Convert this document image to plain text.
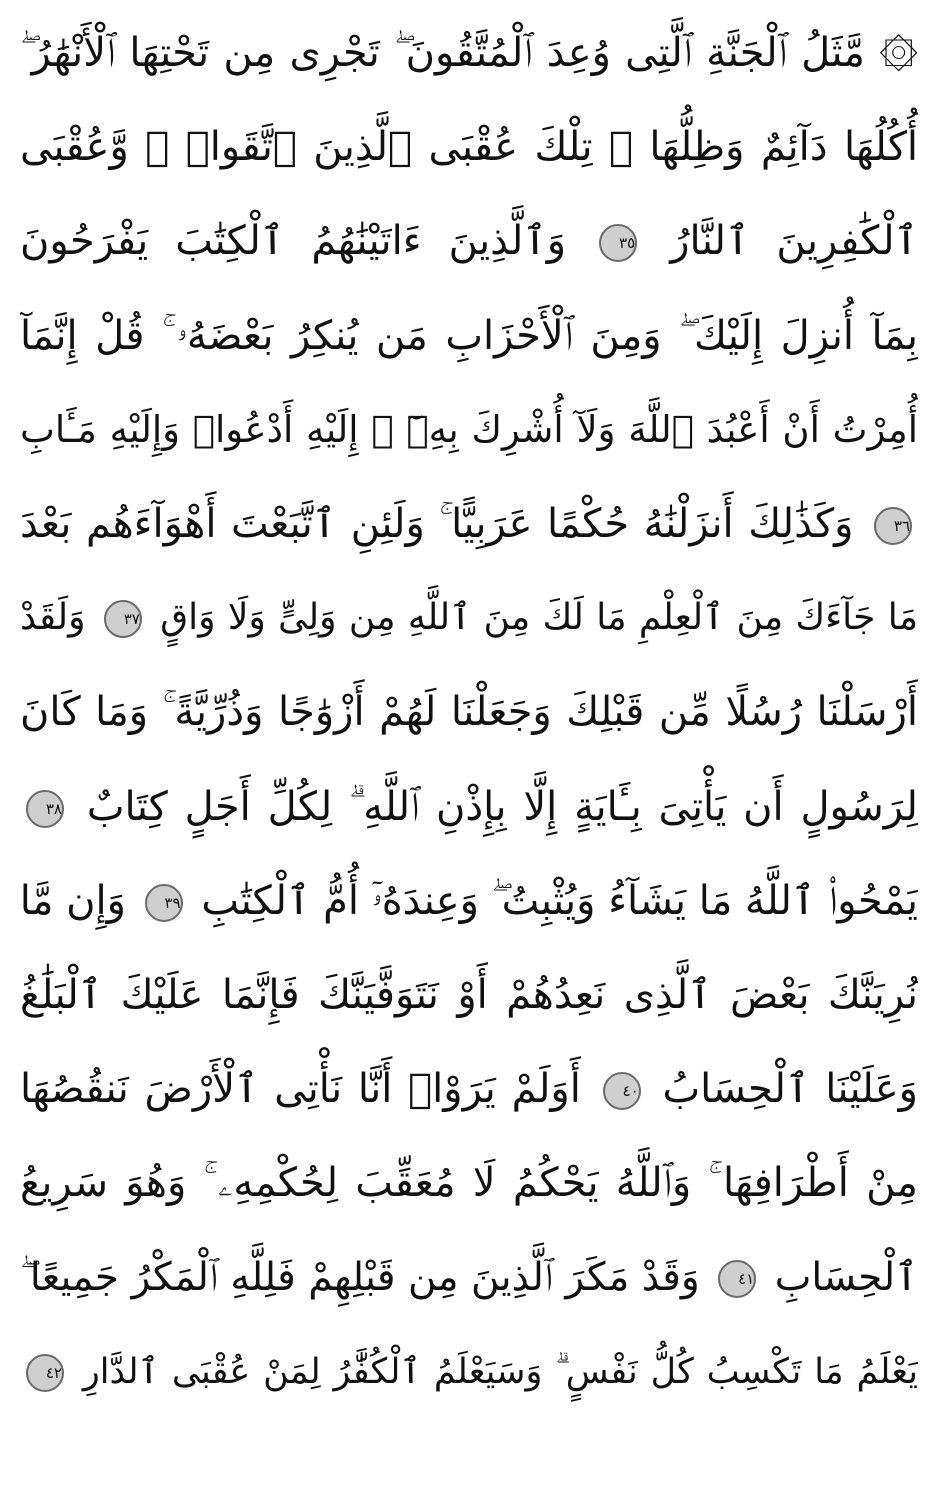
۞ مَّثَلُ ٱلْجَنَّةِ ٱلَّتِى وُعِدَ ٱلْمُتَّقُونَ ۖ تَجْرِى مِن تَحْتِهَا ٱلْأَنْهَٰرُ ۖ
أُكُلُهَا دَآئِمٌ وَظِلُّهَا ۚ تِلْكَ عُقْبَى ٱلَّذِينَ ٱتَّقَوا۟ ۖ وَّعُقْبَى
ٱلْكَٰفِرِينَ ٱلنَّارُ ٣٥ وَٱلَّذِينَ ءَاتَيْنَٰهُمُ ٱلْكِتَٰبَ يَفْرَحُونَ
بِمَآ أُنزِلَ إِلَيْكَ ۖ وَمِنَ ٱلْأَحْزَابِ مَن يُنكِرُ بَعْضَهُۥ ۚ قُلْ إِنَّمَآ
أُمِرْتُ أَنْ أَعْبُدَ ٱللَّهَ وَلَآ أُشْرِكَ بِهِۦٓ ۚ إِلَيْهِ أَدْعُوا۟ وَإِلَيْهِ مَـَٔابِ
٣٦ وَكَذَٰلِكَ أَنزَلْنَٰهُ حُكْمًا عَرَبِيًّا ۚ وَلَئِنِ ٱتَّبَعْتَ أَهْوَآءَهُم بَعْدَ
مَا جَآءَكَ مِنَ ٱلْعِلْمِ مَا لَكَ مِنَ ٱللَّهِ مِن وَلِىٍّ وَلَا وَاقٍ ٣٧ وَلَقَدْ
أَرْسَلْنَا رُسُلًا مِّن قَبْلِكَ وَجَعَلْنَا لَهُمْ أَزْوَٰجًا وَذُرِّيَّةً ۚ وَمَا كَانَ
لِرَسُولٍ أَن يَأْتِىَ بِـَٔايَةٍ إِلَّا بِإِذْنِ ٱللَّهِ ۗ لِكُلِّ أَجَلٍ كِتَابٌ ٣٨
يَمْحُوا۟ ٱللَّهُ مَا يَشَآءُ وَيُثْبِتُ ۖ وَعِندَهُۥٓ أُمُّ ٱلْكِتَٰبِ ٣٩ وَإِن مَّا
نُرِيَنَّكَ بَعْضَ ٱلَّذِى نَعِدُهُمْ أَوْ نَتَوَفَّيَنَّكَ فَإِنَّمَا عَلَيْكَ ٱلْبَلَٰغُ
وَعَلَيْنَا ٱلْحِسَابُ ٤٠ أَوَلَمْ يَرَوْا۟ أَنَّا نَأْتِى ٱلْأَرْضَ نَنقُصُهَا
مِنْ أَطْرَافِهَا ۚ وَٱللَّهُ يَحْكُمُ لَا مُعَقِّبَ لِحُكْمِهِۦ ۚ وَهُوَ سَرِيعُ
ٱلْحِسَابِ ٤١ وَقَدْ مَكَرَ ٱلَّذِينَ مِن قَبْلِهِمْ فَلِلَّهِ ٱلْمَكْرُ جَمِيعًا ۖ
يَعْلَمُ مَا تَكْسِبُ كُلُّ نَفْسٍ ۗ وَسَيَعْلَمُ ٱلْكُفَّٰرُ لِمَنْ عُقْبَى ٱلدَّارِ ٤٢
